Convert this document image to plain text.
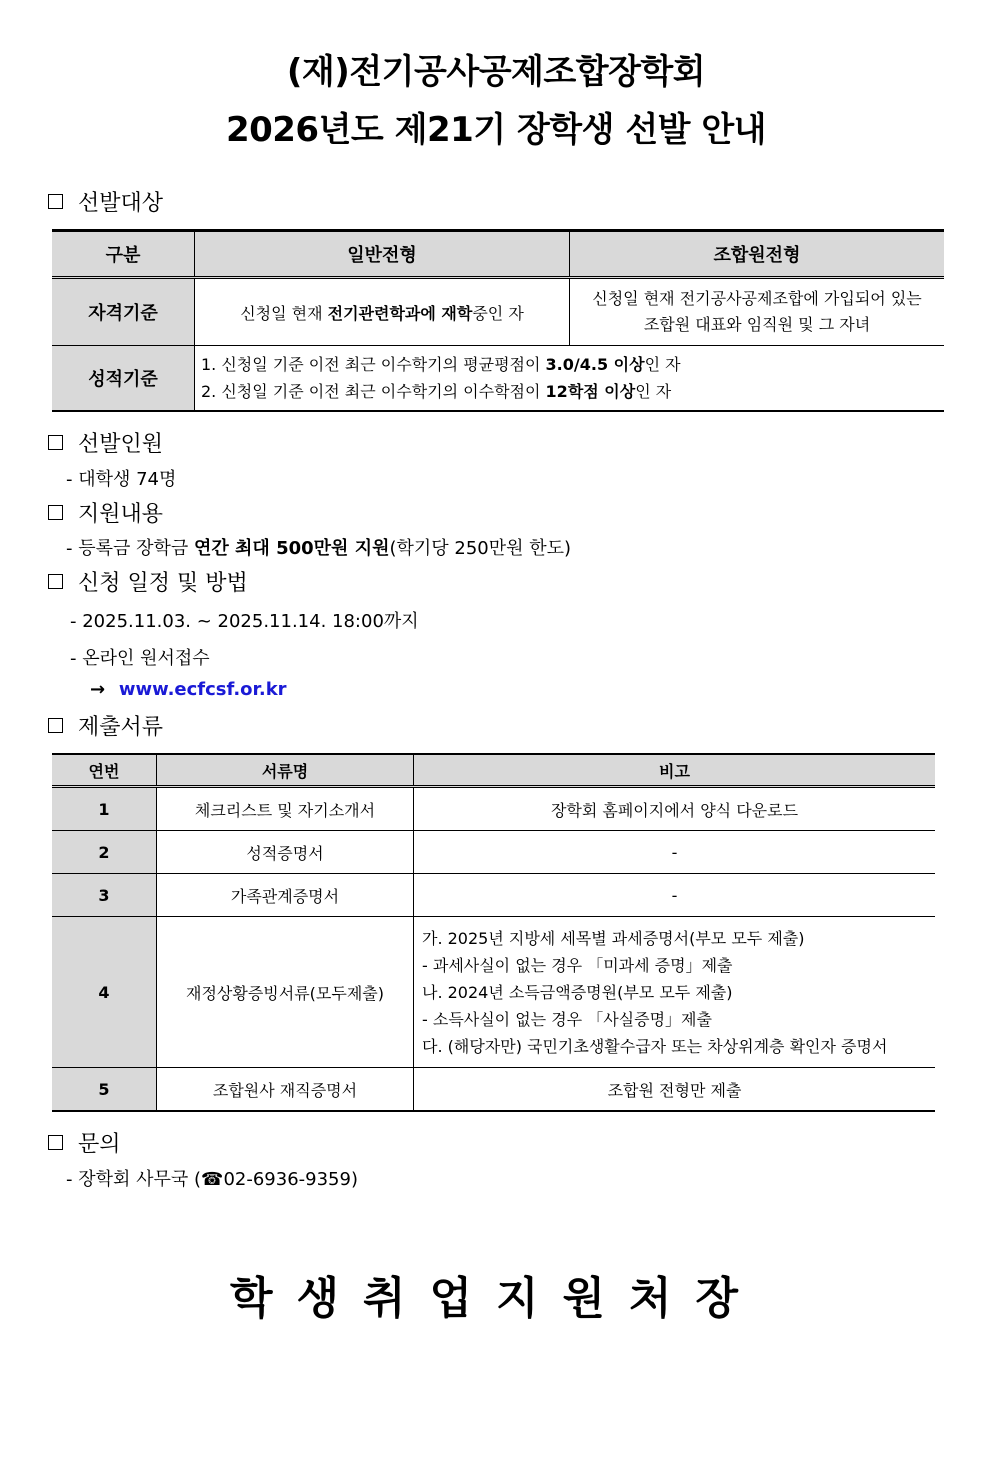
(재)전기공사공제조합장학회
2026년도 제21기 장학생 선발 안내
선발대상
구분	일반전형	조합원전형
자격기준	신청일 현재 전기관련학과에 재학중인 자	신청일 현재 전기공사공제조합에 가입되어 있는
조합원 대표와 임직원 및 그 자녀
성적기준	1. 신청일 기준 이전 최근 이수학기의 평균평점이 3.0/4.5 이상인 자
2. 신청일 기준 이전 최근 이수학기의 이수학점이 12학점 이상인 자	
선발인원
- 대학생 74명
지원내용
- 등록금 장학금 연간 최대 500만원 지원(학기당 250만원 한도)
신청 일정 및 방법
- 2025.11.03. ~ 2025.11.14. 18:00까지
- 온라인 원서접수
→ www.ecfcsf.or.kr
제출서류
연번	서류명	비고
1	체크리스트 및 자기소개서	장학회 홈페이지에서 양식 다운로드
2	성적증명서	-
3	가족관계증명서	-
4	재정상황증빙서류(모두제출)	가. 2025년 지방세 세목별 과세증명서(부모 모두 제출)
- 과세사실이 없는 경우 「미과세 증명」제출
나. 2024년 소득금액증명원(부모 모두 제출)
- 소득사실이 없는 경우 「사실증명」제출
다. (해당자만) 국민기초생활수급자 또는 차상위계층 확인자 증명서

5	조합원사 재직증명서	조합원 전형만 제출
문의
- 장학회 사무국 (☎02-6936-9359)
학생취업지원처장
